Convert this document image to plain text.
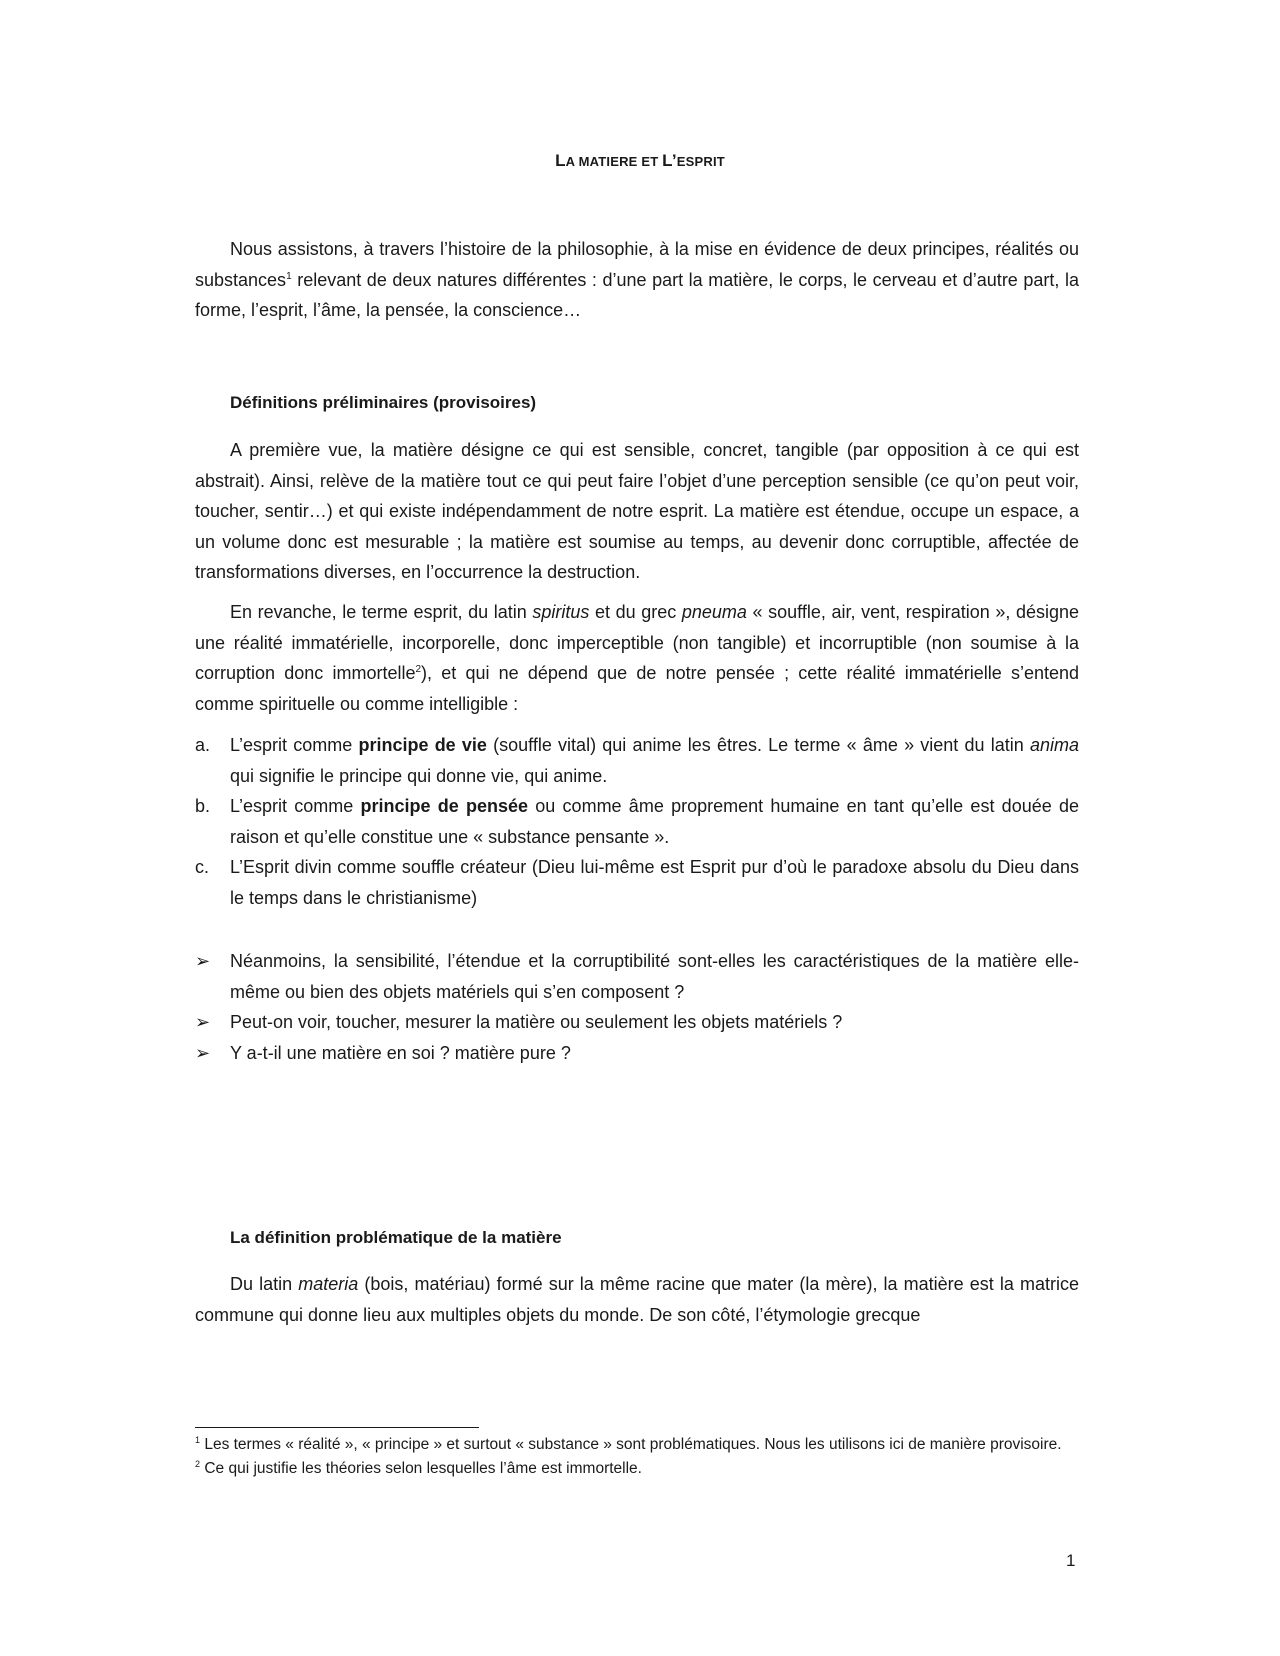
LA MATIERE ET L’ESPRIT
Nous assistons, à travers l’histoire de la philosophie, à la mise en évidence de deux principes, réalités ou substances$^1$ relevant de deux natures différentes : d’une part la matière, le corps, le cerveau et d’autre part, la forme, l’esprit, l’âme, la pensée, la conscience…
Définitions préliminaires (provisoires)
A première vue, la matière désigne ce qui est sensible, concret, tangible (par opposition à ce qui est abstrait). Ainsi, relève de la matière tout ce qui peut faire l’objet d’une perception sensible (ce qu’on peut voir, toucher, sentir…) et qui existe indépendamment de notre esprit. La matière est étendue, occupe un espace, a un volume donc est mesurable ; la matière est soumise au temps, au devenir donc corruptible, affectée de transformations diverses, en l’occurrence la destruction.
En revanche, le terme esprit, du latin spiritus et du grec pneuma « souffle, air, vent, respiration », désigne une réalité immatérielle, incorporelle, donc imperceptible (non tangible) et incorruptible (non soumise à la corruption donc immortelle$^2$), et qui ne dépend que de notre pensée ; cette réalité immatérielle s’entend comme spirituelle ou comme intelligible :
a.	L’esprit comme principe de vie (souffle vital) qui anime les êtres. Le terme « âme » vient du latin anima qui signifie le principe qui donne vie, qui anime.
b.	L’esprit comme principe de pensée ou comme âme proprement humaine en tant qu’elle est douée de raison et qu’elle constitue une « substance pensante ».
c.	L’Esprit divin comme souffle créateur (Dieu lui-même est Esprit pur d’où le paradoxe absolu du Dieu dans le temps dans le christianisme)
➢	Néanmoins, la sensibilité, l’étendue et la corruptibilité sont-elles les caractéristiques de la matière elle-même ou bien des objets matériels qui s’en composent ?
➢	Peut-on voir, toucher, mesurer la matière ou seulement les objets matériels ?
➢	Y a-t-il une matière en soi ? matière pure ?
La définition problématique de la matière
Du latin materia (bois, matériau) formé sur la même racine que mater (la mère), la matière est la matrice commune qui donne lieu aux multiples objets du monde. De son côté, l’étymologie grecque
$^1$ Les termes « réalité », « principe » et surtout « substance » sont problématiques. Nous les utilisons ici de manière provisoire.
$^2$ Ce qui justifie les théories selon lesquelles l’âme est immortelle.
1
